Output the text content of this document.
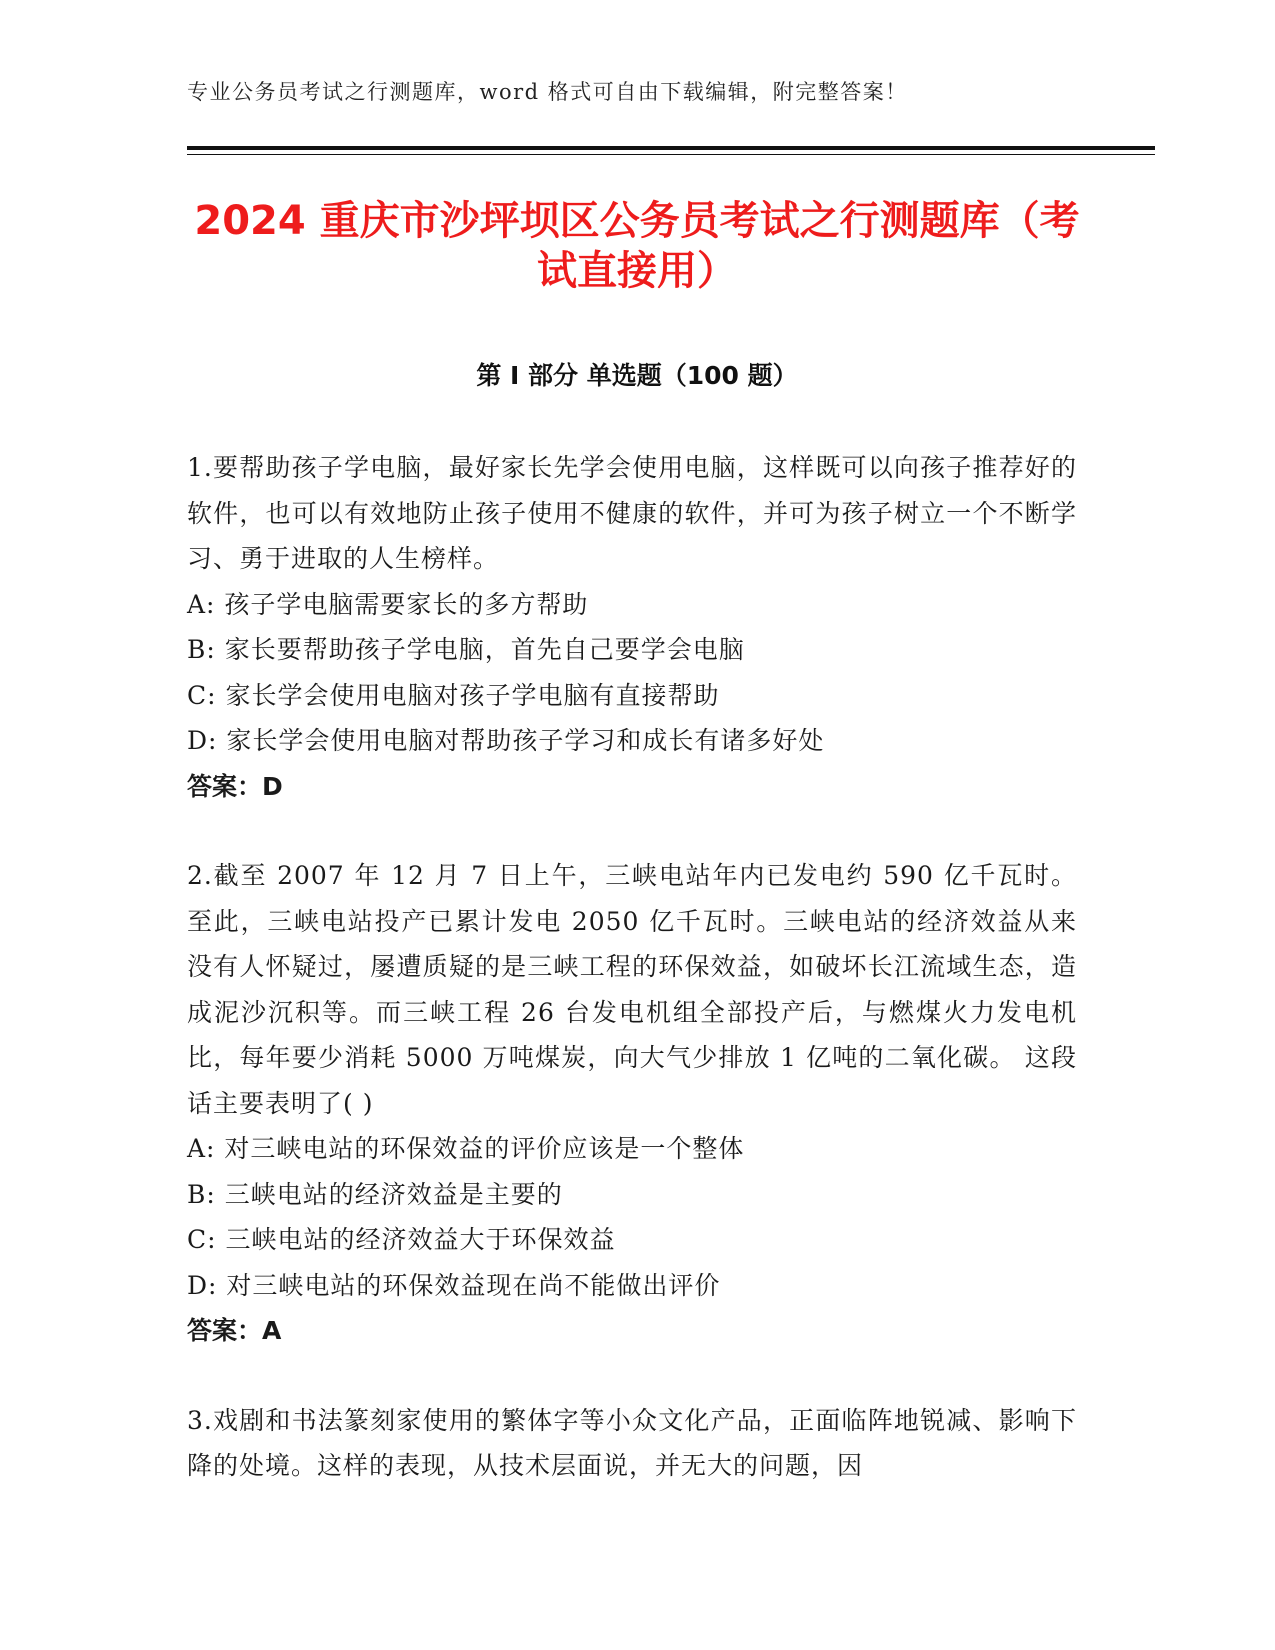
专业公务员考试之行测题库，word 格式可自由下载编辑，附完整答案！
2024 重庆市沙坪坝区公务员考试之行测题库（考试直接用）
第 I 部分 单选题（100 题）
1.要帮助孩子学电脑，最好家长先学会使用电脑，这样既可以向孩子推荐好的软件，也可以有效地防止孩子使用不健康的软件，并可为孩子树立一个不断学习、勇于进取的人生榜样。
A: 孩子学电脑需要家长的多方帮助
B: 家长要帮助孩子学电脑，首先自己要学会电脑
C: 家长学会使用电脑对孩子学电脑有直接帮助
D: 家长学会使用电脑对帮助孩子学习和成长有诸多好处
答案：D
2.截至 2007 年 12 月 7 日上午，三峡电站年内已发电约 590 亿千瓦时。至此，三峡电站投产已累计发电 2050 亿千瓦时。三峡电站的经济效益从来没有人怀疑过，屡遭质疑的是三峡工程的环保效益，如破坏长江流域生态，造成泥沙沉积等。而三峡工程 26 台发电机组全部投产后，与燃煤火力发电机比，每年要少消耗 5000 万吨煤炭，向大气少排放 1 亿吨的二氧化碳。 这段话主要表明了( )
A: 对三峡电站的环保效益的评价应该是一个整体
B: 三峡电站的经济效益是主要的
C: 三峡电站的经济效益大于环保效益
D: 对三峡电站的环保效益现在尚不能做出评价
答案：A
3.戏剧和书法篆刻家使用的繁体字等小众文化产品，正面临阵地锐减、影响下降的处境。这样的表现，从技术层面说，并无大的问题，因
